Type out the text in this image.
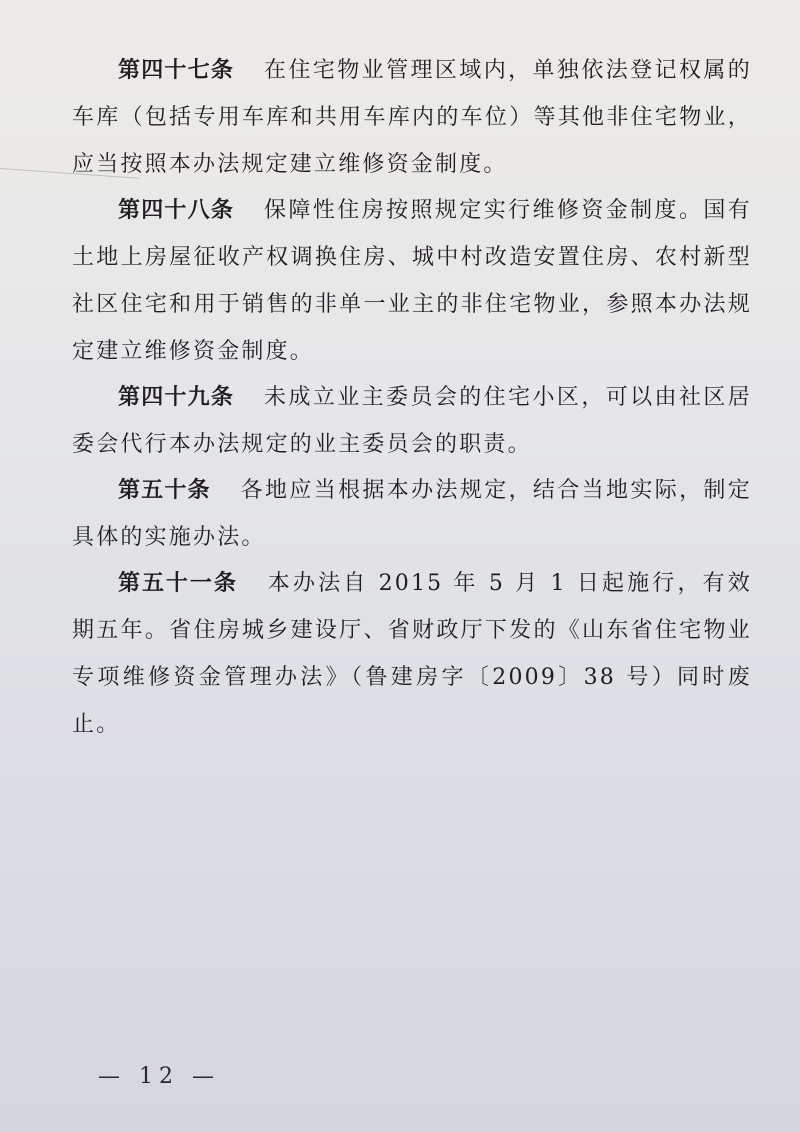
第四十七条 在住宅物业管理区域内，单独依法登记权属的车库（包括专用车库和共用车库内的车位）等其他非住宅物业，应当按照本办法规定建立维修资金制度。

第四十八条 保障性住房按照规定实行维修资金制度。国有土地上房屋征收产权调换住房、城中村改造安置住房、农村新型社区住宅和用于销售的非单一业主的非住宅物业，参照本办法规定建立维修资金制度。

第四十九条 未成立业主委员会的住宅小区，可以由社区居委会代行本办法规定的业主委员会的职责。

第五十条 各地应当根据本办法规定，结合当地实际，制定具体的实施办法。

第五十一条 本办法自 2015 年 5 月 1 日起施行，有效期五年。省住房城乡建设厅、省财政厅下发的《山东省住宅物业专项维修资金管理办法》（鲁建房字〔2009〕38 号）同时废止。

— 12 —
